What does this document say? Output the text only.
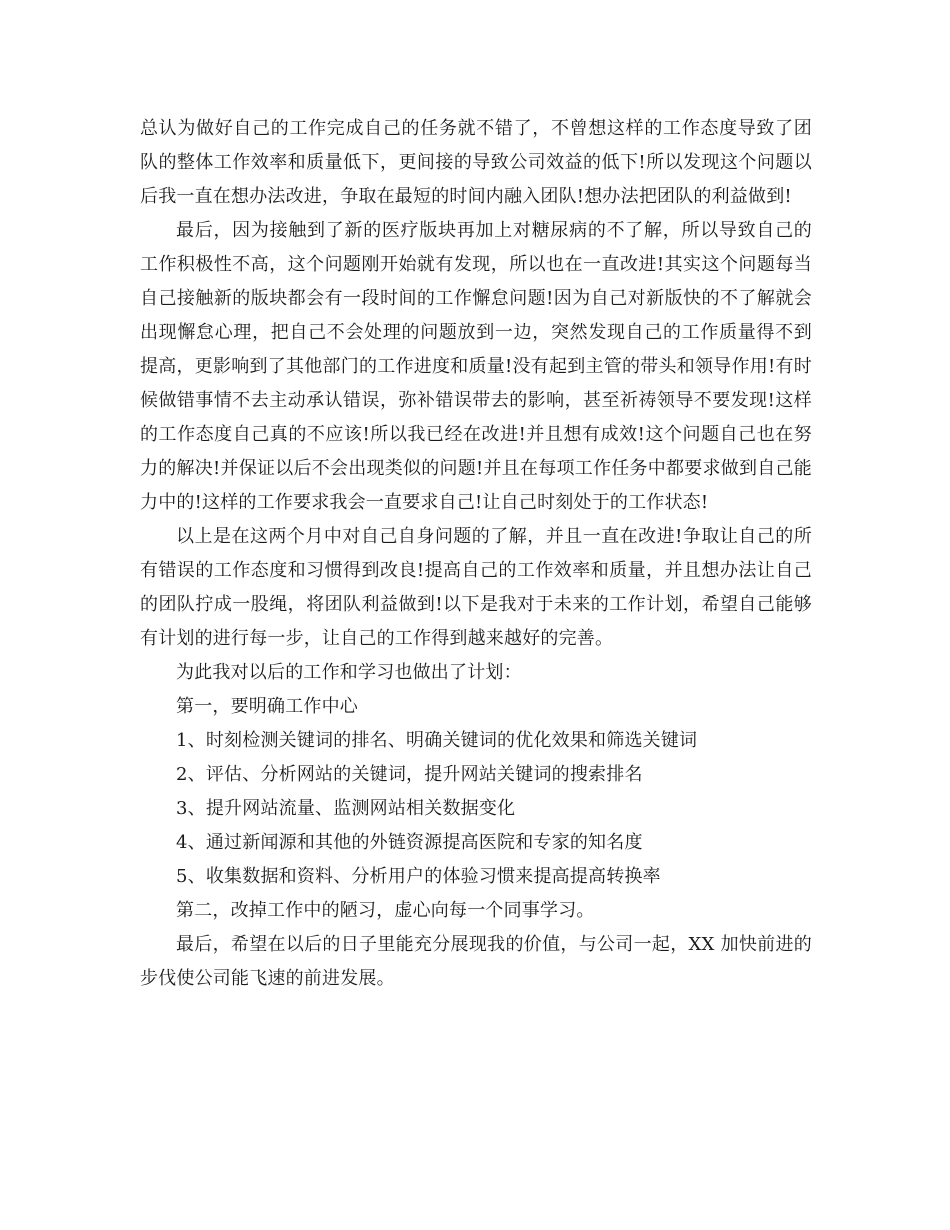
总认为做好自己的工作完成自己的任务就不错了，不曾想这样的工作态度导致了团队的整体工作效率和质量低下，更间接的导致公司效益的低下!所以发现这个问题以后我一直在想办法改进，争取在最短的时间内融入团队!想办法把团队的利益做到!

最后，因为接触到了新的医疗版块再加上对糖尿病的不了解，所以导致自己的工作积极性不高，这个问题刚开始就有发现，所以也在一直改进!其实这个问题每当自己接触新的版块都会有一段时间的工作懈怠问题!因为自己对新版快的不了解就会出现懈怠心理，把自己不会处理的问题放到一边，突然发现自己的工作质量得不到提高，更影响到了其他部门的工作进度和质量!没有起到主管的带头和领导作用!有时候做错事情不去主动承认错误，弥补错误带去的影响，甚至祈祷领导不要发现!这样的工作态度自己真的不应该!所以我已经在改进!并且想有成效!这个问题自己也在努力的解决!并保证以后不会出现类似的问题!并且在每项工作任务中都要求做到自己能力中的!这样的工作要求我会一直要求自己!让自己时刻处于的工作状态!

以上是在这两个月中对自己自身问题的了解，并且一直在改进!争取让自己的所有错误的工作态度和习惯得到改良!提高自己的工作效率和质量，并且想办法让自己的团队拧成一股绳，将团队利益做到!以下是我对于未来的工作计划，希望自己能够有计划的进行每一步，让自己的工作得到越来越好的完善。

为此我对以后的工作和学习也做出了计划：

第一，要明确工作中心

1、时刻检测关键词的排名、明确关键词的优化效果和筛选关键词

2、评估、分析网站的关键词，提升网站关键词的搜索排名

3、提升网站流量、监测网站相关数据变化

4、通过新闻源和其他的外链资源提高医院和专家的知名度

5、收集数据和资料、分析用户的体验习惯来提高提高转换率

第二，改掉工作中的陋习，虚心向每一个同事学习。

最后，希望在以后的日子里能充分展现我的价值，与公司一起，XX 加快前进的步伐使公司能飞速的前进发展。
